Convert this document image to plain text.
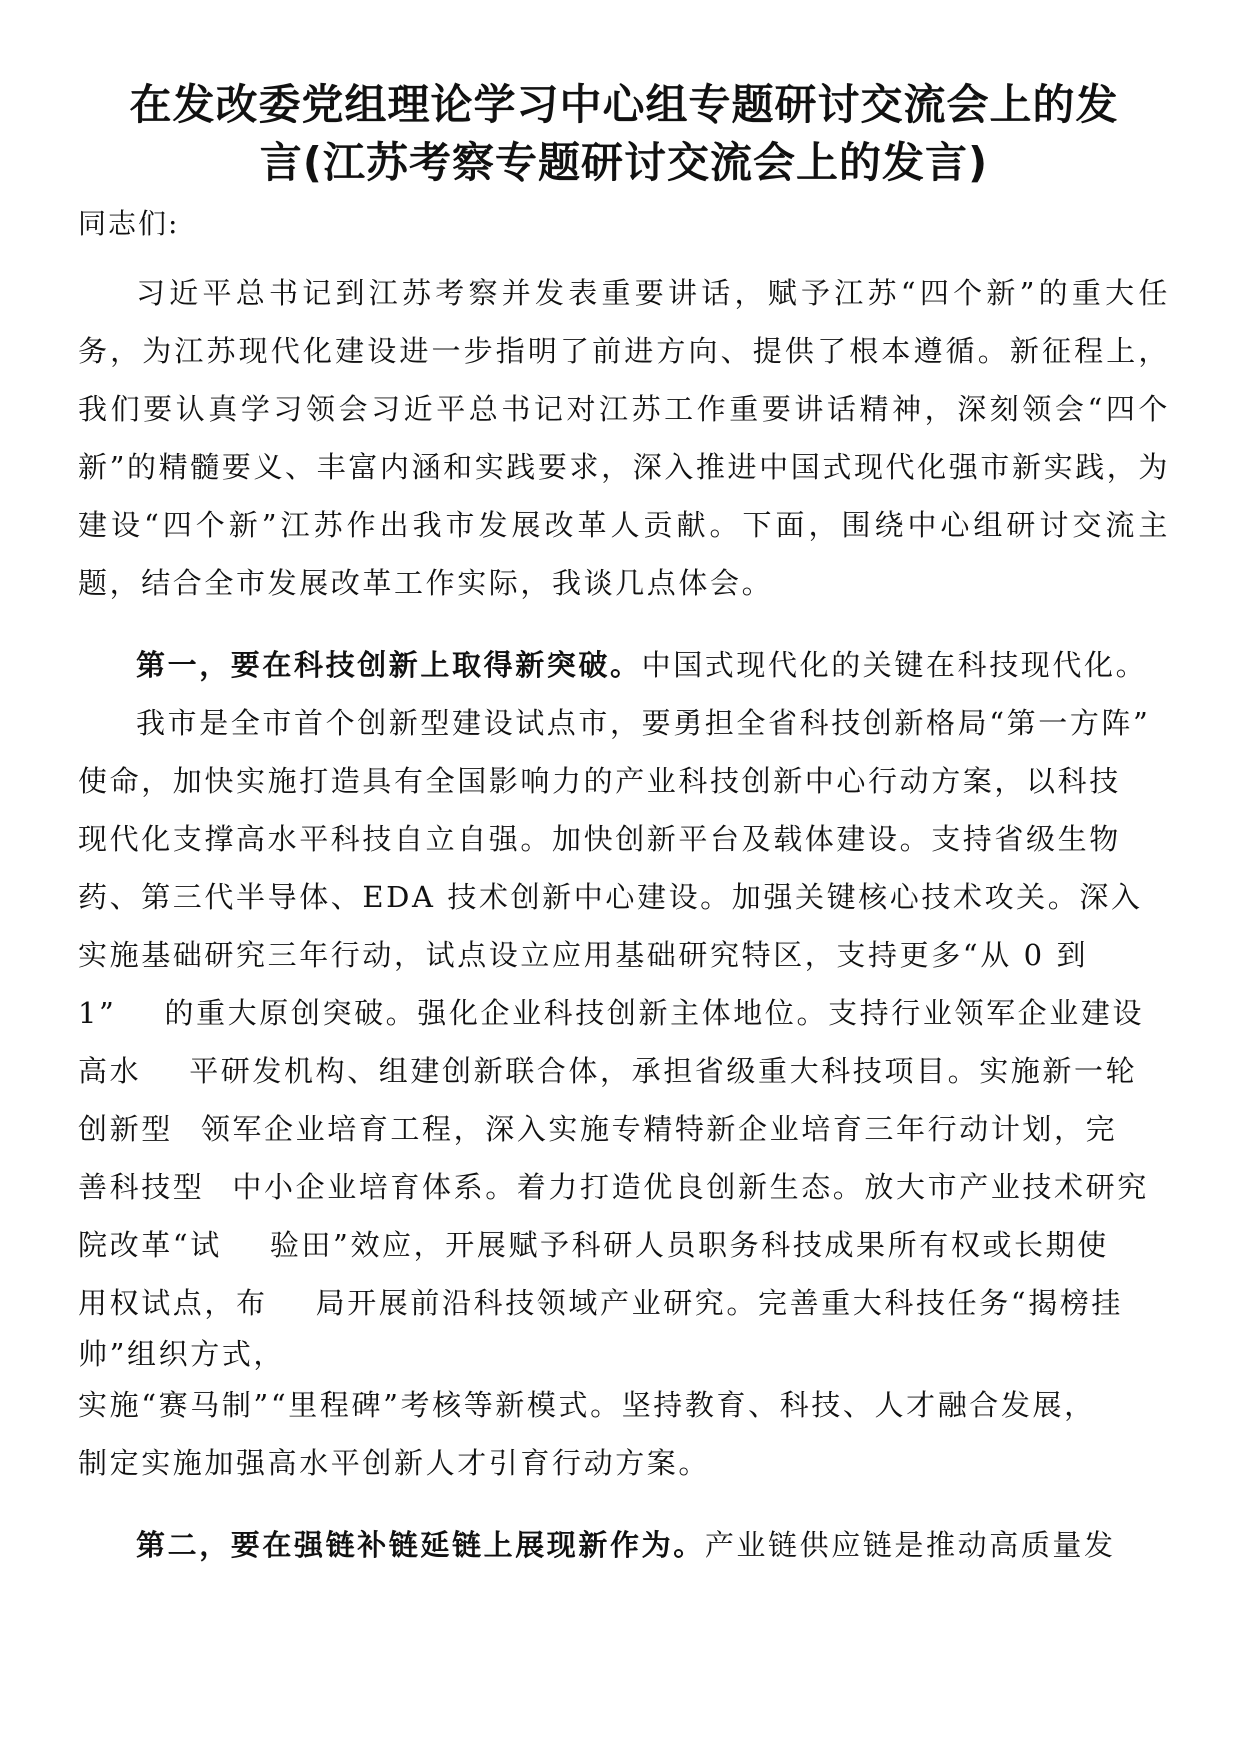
在发改委党组理论学习中心组专题研讨交流会上的发
言(江苏考察专题研讨交流会上的发言)

同志们:

习近平总书记到江苏考察并发表重要讲话，赋予江苏“四个新”的重大任务，为江苏现代化建设进一步指明了前进方向、提供了根本遵循。新征程上，我们要认真学习领会习近平总书记对江苏工作重要讲话精神，深刻领会“四个新”的精髓要义、丰富内涵和实践要求，深入推进中国式现代化强市新实践，为建设“四个新”江苏作出我市发展改革人贡献。下面，围绕中心组研讨交流主题，结合全市发展改革工作实际，我谈几点体会。

第一，要在科技创新上取得新突破。中国式现代化的关键在科技现代化。
我市是全市首个创新型建设试点市，要勇担全省科技创新格局“第一方阵”
使命，加快实施打造具有全国影响力的产业科技创新中心行动方案，以科技
现代化支撑高水平科技自立自强。加快创新平台及载体建设。支持省级生物
药、第三代半导体、EDA 技术创新中心建设。加强关键核心技术攻关。深入
实施基础研究三年行动，试点设立应用基础研究特区，支持更多“从 0 到
1” 的重大原创突破。强化企业科技创新主体地位。支持行业领军企业建设
高水 平研发机构、组建创新联合体，承担省级重大科技项目。实施新一轮
创新型 领军企业培育工程，深入实施专精特新企业培育三年行动计划，完
善科技型 中小企业培育体系。着力打造优良创新生态。放大市产业技术研究
院改革“试 验田”效应，开展赋予科研人员职务科技成果所有权或长期使
用权试点，布 局开展前沿科技领域产业研究。完善重大科技任务“揭榜挂
帅”组织方式，
实施“赛马制”“里程碑”考核等新模式。坚持教育、科技、人才融合发展，
制定实施加强高水平创新人才引育行动方案。

第二，要在强链补链延链上展现新作为。产业链供应链是推动高质量发
